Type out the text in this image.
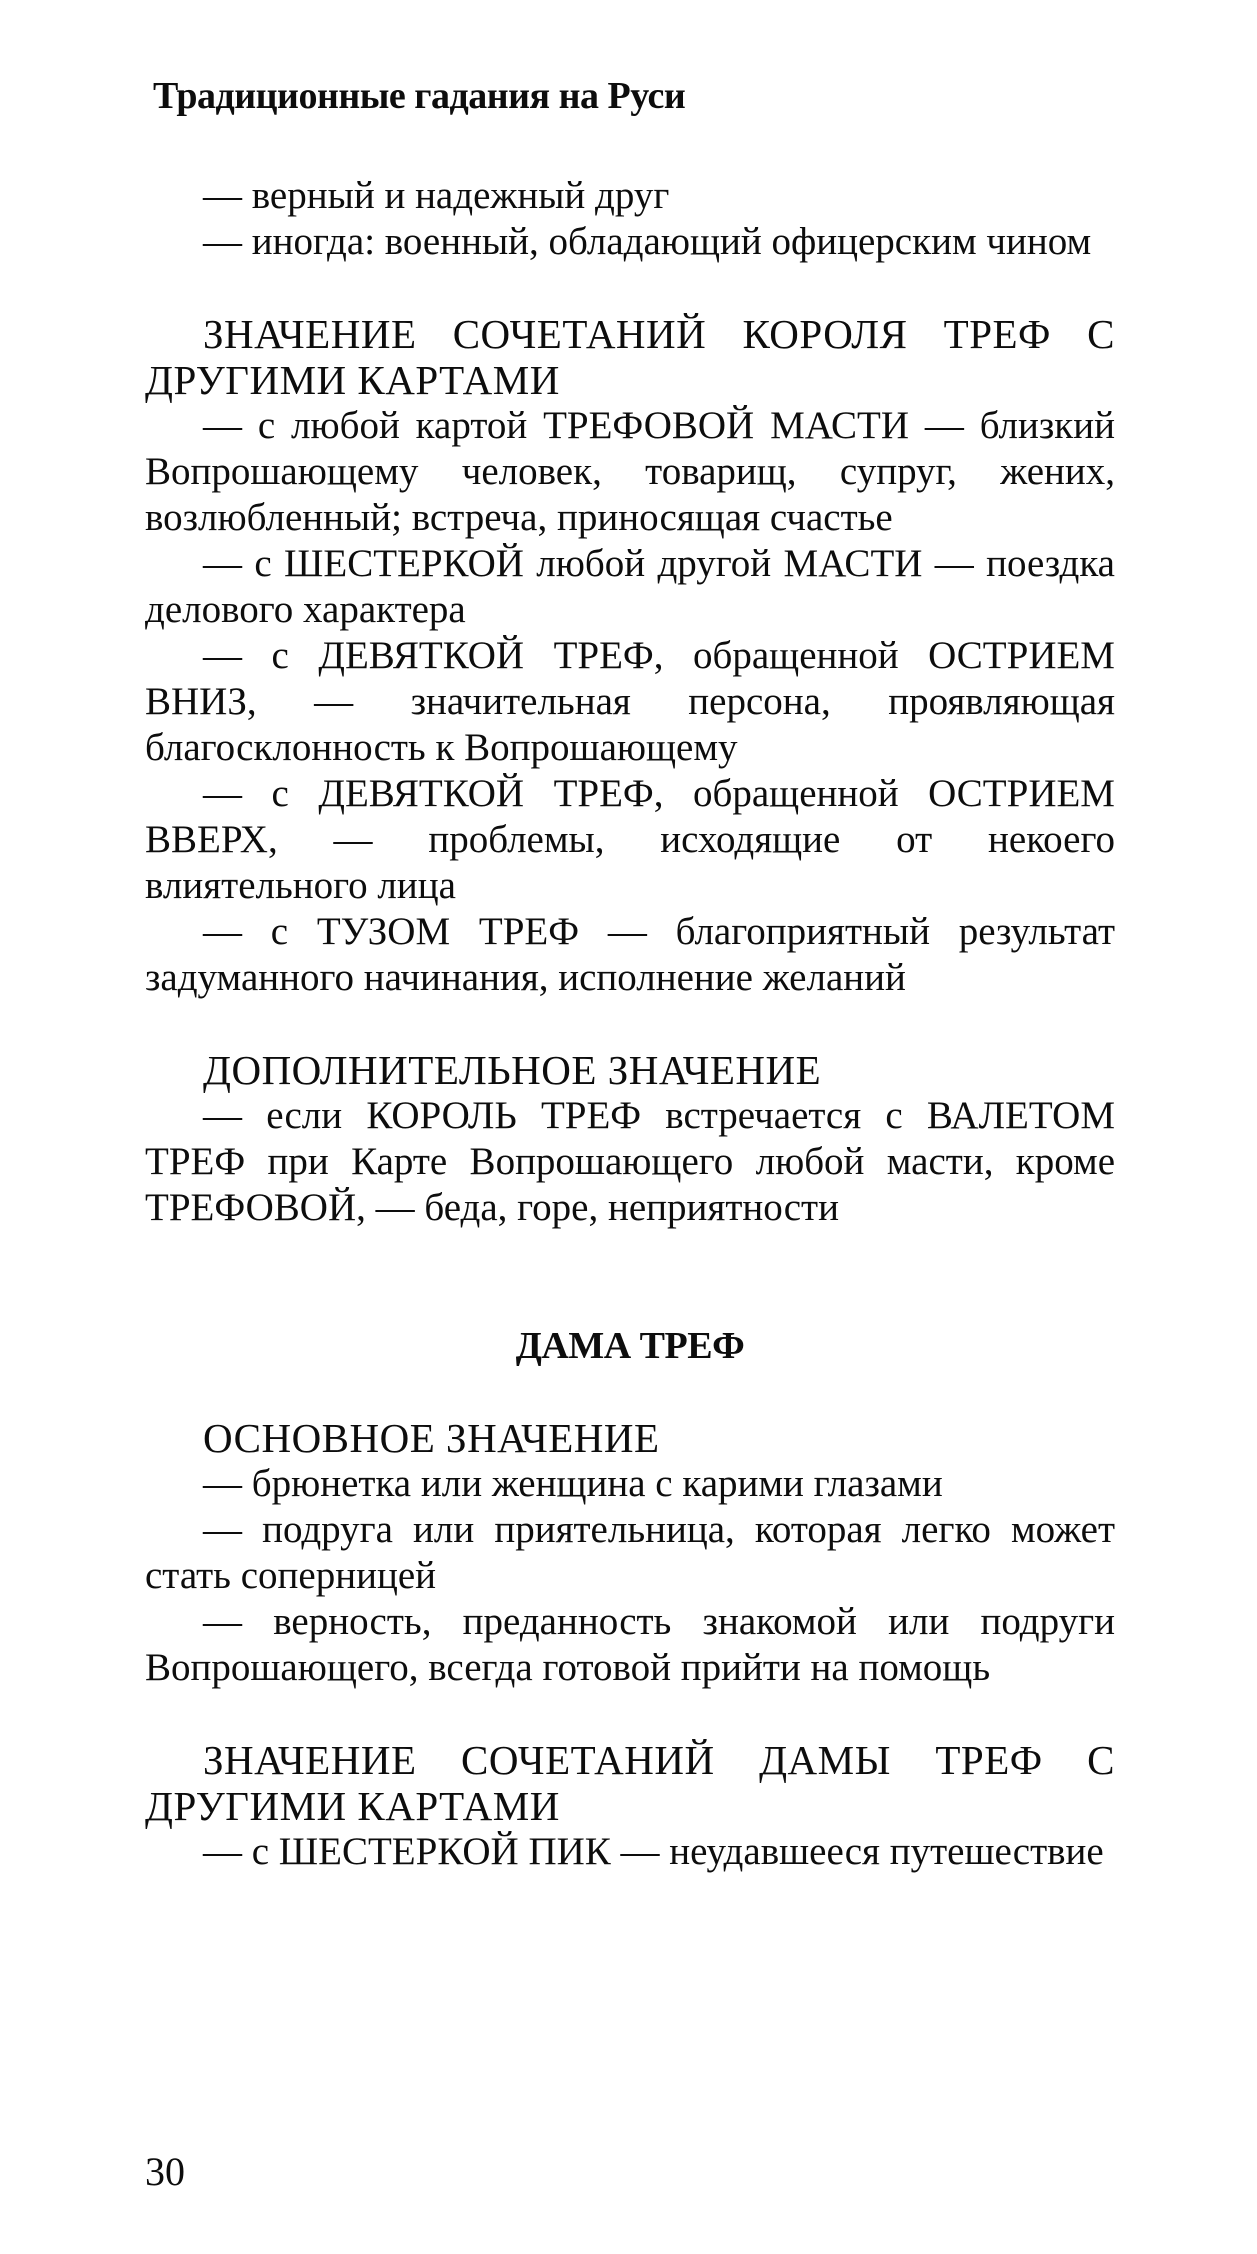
Традиционные гадания на Руси

— верный и надежный друг

— иногда: военный, обладающий офицерским чином

ЗНАЧЕНИЕ СОЧЕТАНИЙ КОРОЛЯ ТРЕФ С ДРУГИМИ КАРТАМИ

— с любой картой ТРЕФОВОЙ МАСТИ — близкий Вопрошающему человек, товарищ, супруг, жених, возлюбленный; встреча, приносящая счастье

— с ШЕСТЕРКОЙ любой другой МАСТИ — поездка делового характера

— с ДЕВЯТКОЙ ТРЕФ, обращенной ОСТРИЕМ ВНИЗ, — значительная персона, проявляющая благосклонность к Вопрошающему

— с ДЕВЯТКОЙ ТРЕФ, обращенной ОСТРИЕМ ВВЕРХ, — проблемы, исходящие от некоего влиятельного лица

— с ТУЗОМ ТРЕФ — благоприятный результат задуманного начинания, исполнение желаний

ДОПОЛНИТЕЛЬНОЕ ЗНАЧЕНИЕ

— если КОРОЛЬ ТРЕФ встречается с ВАЛЕТОМ ТРЕФ при Карте Вопрошающего любой масти, кроме ТРЕФОВОЙ, — беда, горе, неприятности

ДАМА ТРЕФ

ОСНОВНОЕ ЗНАЧЕНИЕ

— брюнетка или женщина с карими глазами

— подруга или приятельница, которая легко может стать соперницей

— верность, преданность знакомой или подруги Вопрошающего, всегда готовой прийти на помощь

ЗНАЧЕНИЕ СОЧЕТАНИЙ ДАМЫ ТРЕФ С ДРУГИМИ КАРТАМИ

— с ШЕСТЕРКОЙ ПИК — неудавшееся путешествие

30
